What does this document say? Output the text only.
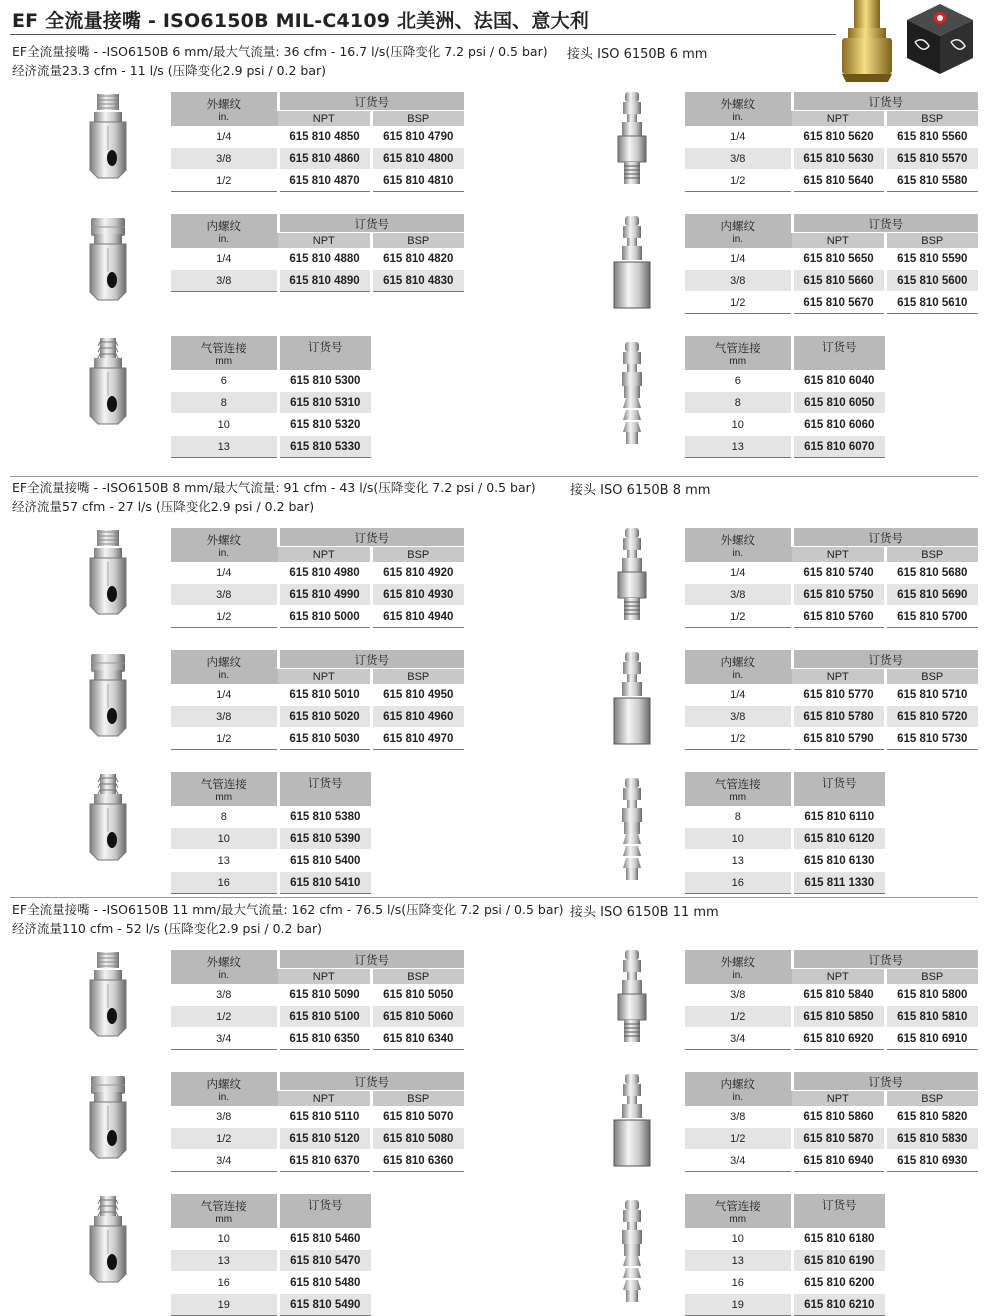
EF 全流量接嘴 - ISO6150B MIL-C4109 北美洲、法国、意大利
EF全流量接嘴 - -ISO6150B 6 mm/最大气流量: 36 cfm - 16.7 l/s(压降变化 7.2 psi / 0.5 bar)
经济流量23.3 cfm - 11 l/s (压降变化2.9 psi / 0.2 bar)
接头 ISO 6150B 6 mm
外螺纹
in.	订货号	
	NPT	BSP
1/4	615 810 4850	615 810 4790
3/8	615 810 4860	615 810 4800
1/2	615 810 4870	615 810 4810
内螺纹
in.	订货号	
	NPT	BSP
1/4	615 810 4880	615 810 4820
3/8	615 810 4890	615 810 4830
气管连接
mm	订货号
6	615 810 5300
8	615 810 5310
10	615 810 5320
13	615 810 5330
外螺纹
in.	订货号	
	NPT	BSP
1/4	615 810 5620	615 810 5560
3/8	615 810 5630	615 810 5570
1/2	615 810 5640	615 810 5580
内螺纹
in.	订货号	
	NPT	BSP
1/4	615 810 5650	615 810 5590
3/8	615 810 5660	615 810 5600
1/2	615 810 5670	615 810 5610
气管连接
mm	订货号
6	615 810 6040
8	615 810 6050
10	615 810 6060
13	615 810 6070
EF全流量接嘴 - -ISO6150B 8 mm/最大气流量: 91 cfm - 43 l/s(压降变化 7.2 psi / 0.5 bar)
经济流量57 cfm - 27 l/s (压降变化2.9 psi / 0.2 bar)
接头 ISO 6150B 8 mm
外螺纹
in.	订货号	
	NPT	BSP
1/4	615 810 4980	615 810 4920
3/8	615 810 4990	615 810 4930
1/2	615 810 5000	615 810 4940
内螺纹
in.	订货号	
	NPT	BSP
1/4	615 810 5010	615 810 4950
3/8	615 810 5020	615 810 4960
1/2	615 810 5030	615 810 4970
气管连接
mm	订货号
8	615 810 5380
10	615 810 5390
13	615 810 5400
16	615 810 5410
外螺纹
in.	订货号	
	NPT	BSP
1/4	615 810 5740	615 810 5680
3/8	615 810 5750	615 810 5690
1/2	615 810 5760	615 810 5700
内螺纹
in.	订货号	
	NPT	BSP
1/4	615 810 5770	615 810 5710
3/8	615 810 5780	615 810 5720
1/2	615 810 5790	615 810 5730
气管连接
mm	订货号
8	615 810 6110
10	615 810 6120
13	615 810 6130
16	615 811 1330
EF全流量接嘴 - -ISO6150B 11 mm/最大气流量: 162 cfm - 76.5 l/s(压降变化 7.2 psi / 0.5 bar)
经济流量110 cfm - 52 l/s (压降变化2.9 psi / 0.2 bar)
接头 ISO 6150B 11 mm
外螺纹
in.	订货号	
	NPT	BSP
3/8	615 810 5090	615 810 5050
1/2	615 810 5100	615 810 5060
3/4	615 810 6350	615 810 6340
内螺纹
in.	订货号	
	NPT	BSP
3/8	615 810 5110	615 810 5070
1/2	615 810 5120	615 810 5080
3/4	615 810 6370	615 810 6360
气管连接
mm	订货号
10	615 810 5460
13	615 810 5470
16	615 810 5480
19	615 810 5490
外螺纹
in.	订货号	
	NPT	BSP
3/8	615 810 5840	615 810 5800
1/2	615 810 5850	615 810 5810
3/4	615 810 6920	615 810 6910
内螺纹
in.	订货号	
	NPT	BSP
3/8	615 810 5860	615 810 5820
1/2	615 810 5870	615 810 5830
3/4	615 810 6940	615 810 6930
气管连接
mm	订货号
10	615 810 6180
13	615 810 6190
16	615 810 6200
19	615 810 6210
